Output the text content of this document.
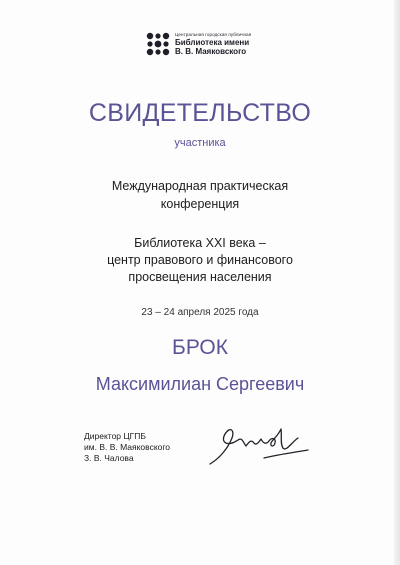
Центральная городская публичная
Библиотека имени
В. В. Маяковского
СВИДЕТЕЛЬСТВО
участника
Международная практическая
конференция
Библиотека XXI века –
центр правового и финансового
просвещения населения
23 – 24 апреля 2025 года
БРОК
Максимилиан Сергеевич
Директор ЦГПБ
им. В. В. Маяковского
З. В. Чалова
